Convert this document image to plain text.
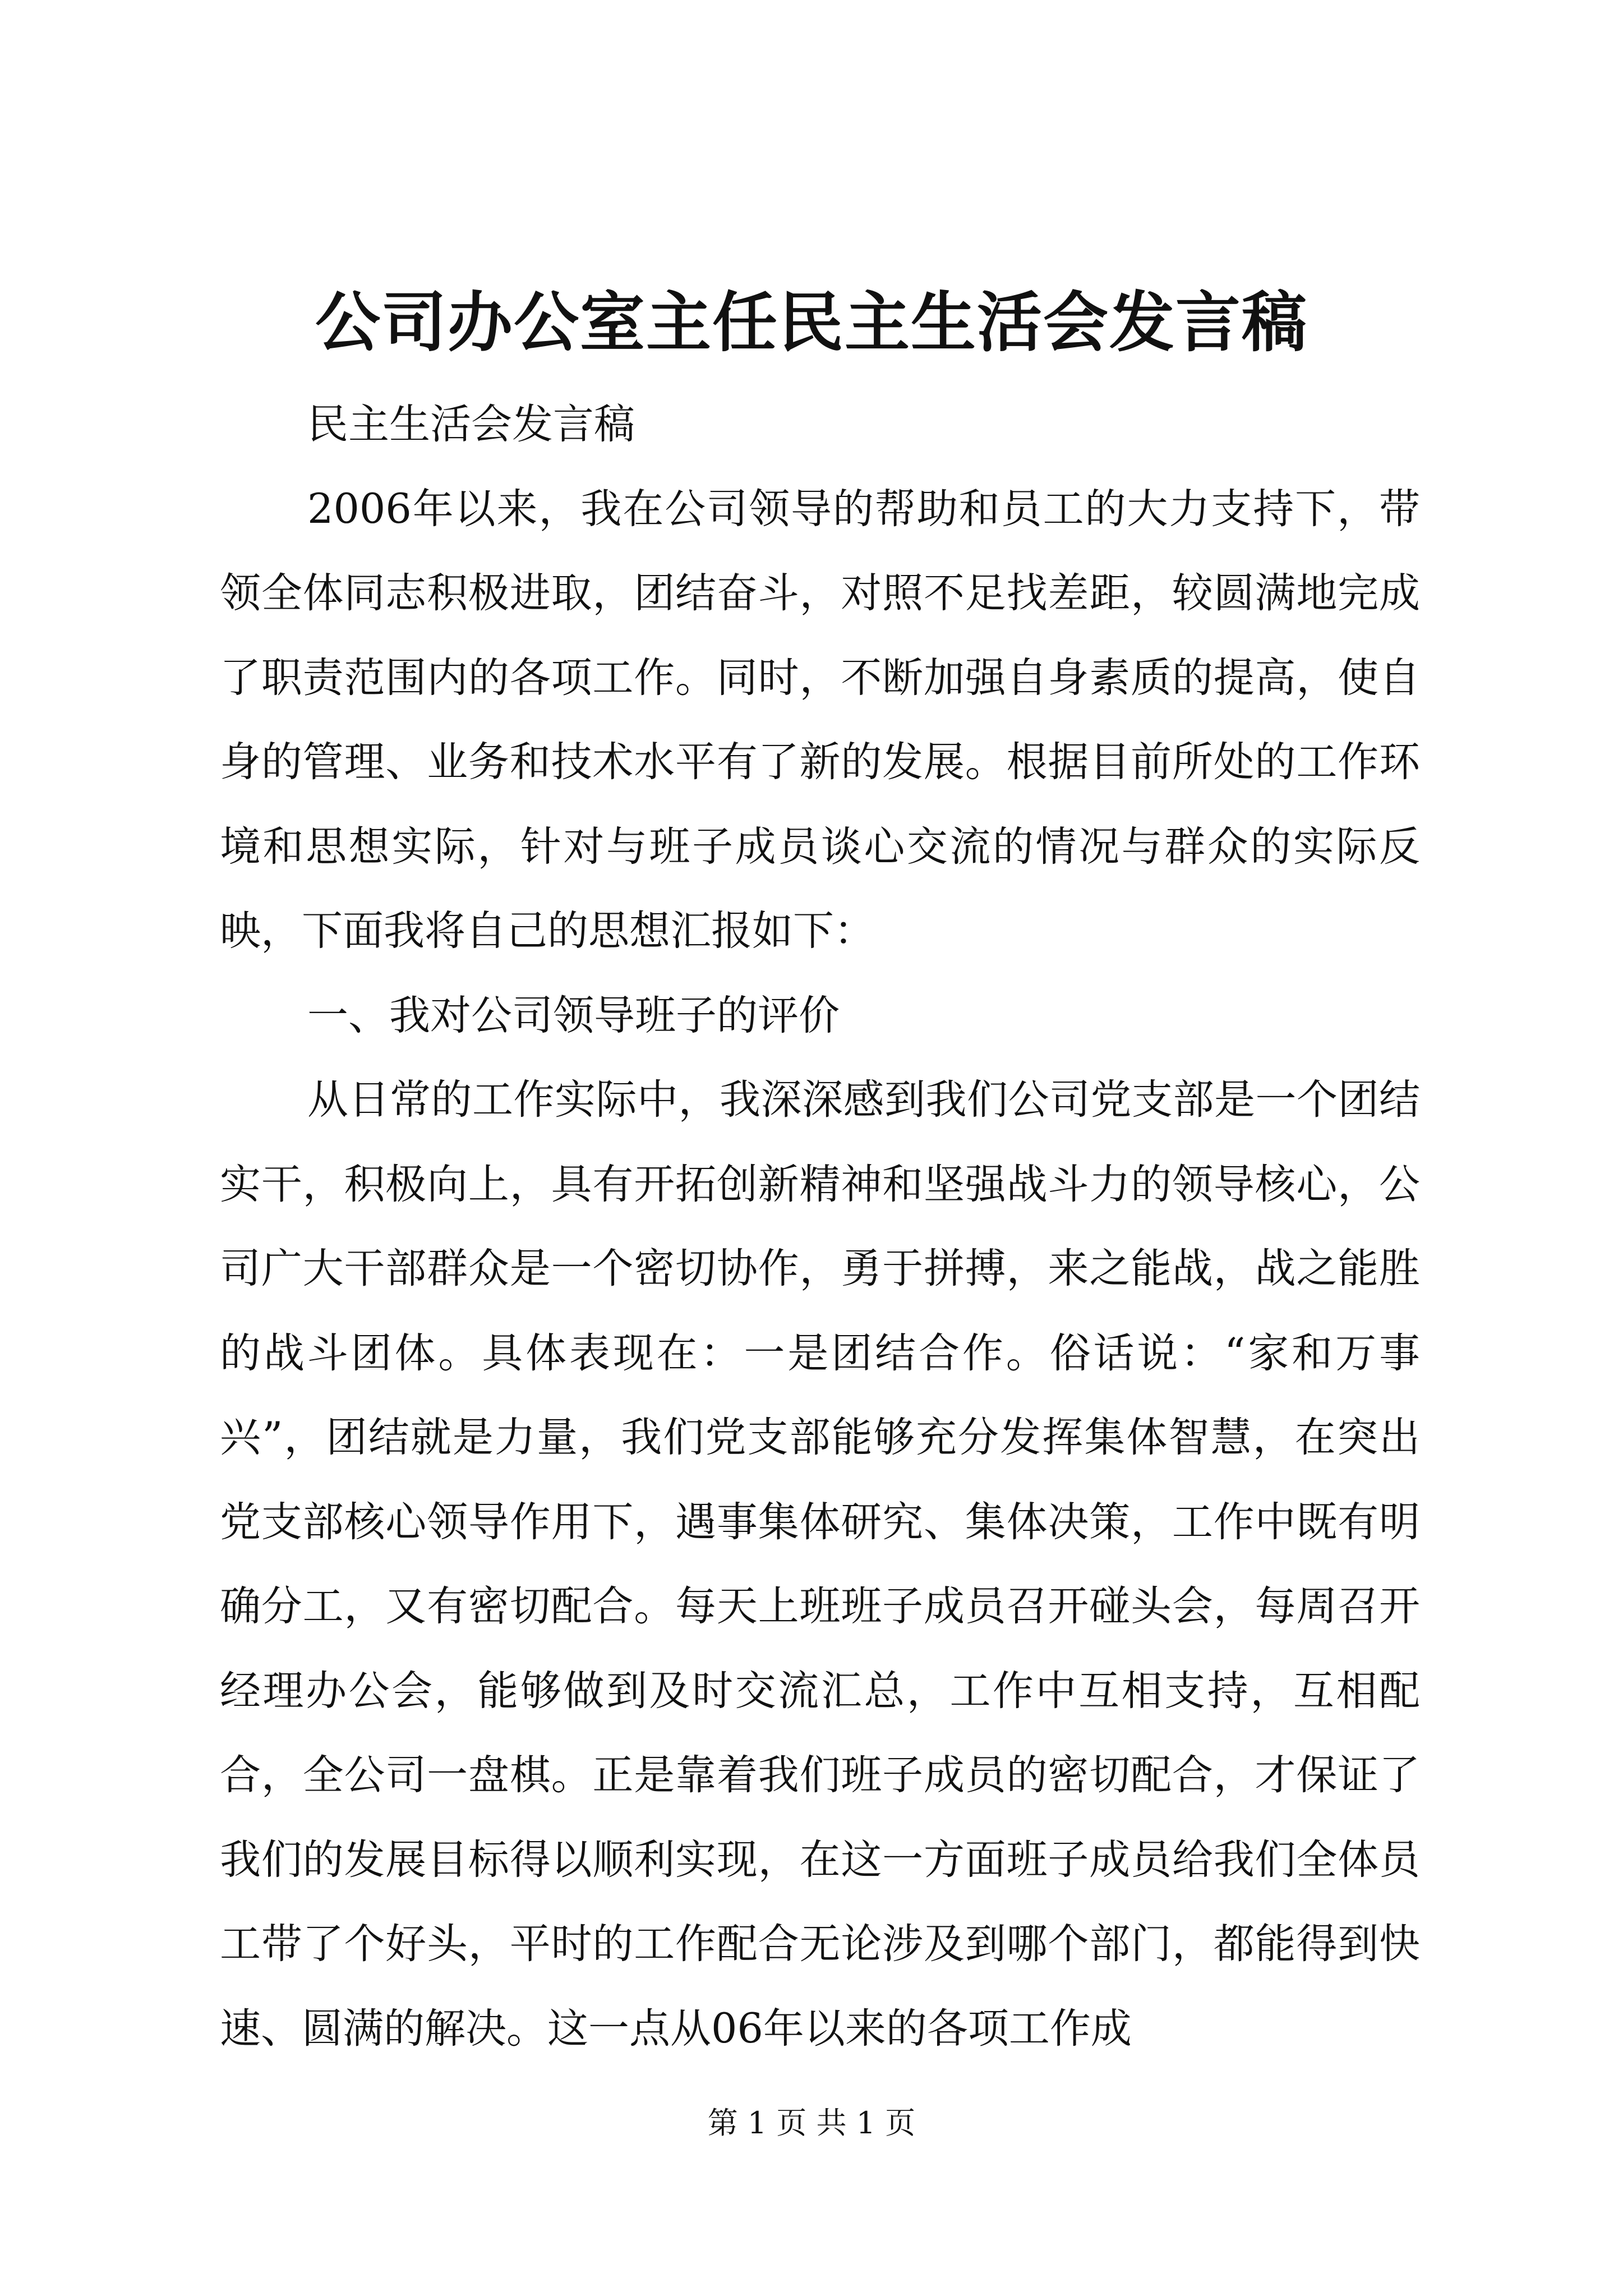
公司办公室主任民主生活会发言稿

民主生活会发言稿

2006年以来，我在公司领导的帮助和员工的大力支持下，带领全体同志积极进取，团结奋斗，对照不足找差距，较圆满地完成了职责范围内的各项工作。同时，不断加强自身素质的提高，使自身的管理、业务和技术水平有了新的发展。根据目前所处的工作环境和思想实际，针对与班子成员谈心交流的情况与群众的实际反映，下面我将自己的思想汇报如下：

一、我对公司领导班子的评价

从日常的工作实际中，我深深感到我们公司党支部是一个团结实干，积极向上，具有开拓创新精神和坚强战斗力的领导核心，公司广大干部群众是一个密切协作，勇于拼搏，来之能战，战之能胜的战斗团体。具体表现在：一是团结合作。俗话说：“家和万事兴”，团结就是力量，我们党支部能够充分发挥集体智慧，在突出党支部核心领导作用下，遇事集体研究、集体决策，工作中既有明确分工，又有密切配合。每天上班班子成员召开碰头会，每周召开经理办公会，能够做到及时交流汇总，工作中互相支持，互相配合，全公司一盘棋。正是靠着我们班子成员的密切配合，才保证了我们的发展目标得以顺利实现，在这一方面班子成员给我们全体员工带了个好头，平时的工作配合无论涉及到哪个部门，都能得到快速、圆满的解决。这一点从06年以来的各项工作成

第 1 页 共 1 页
